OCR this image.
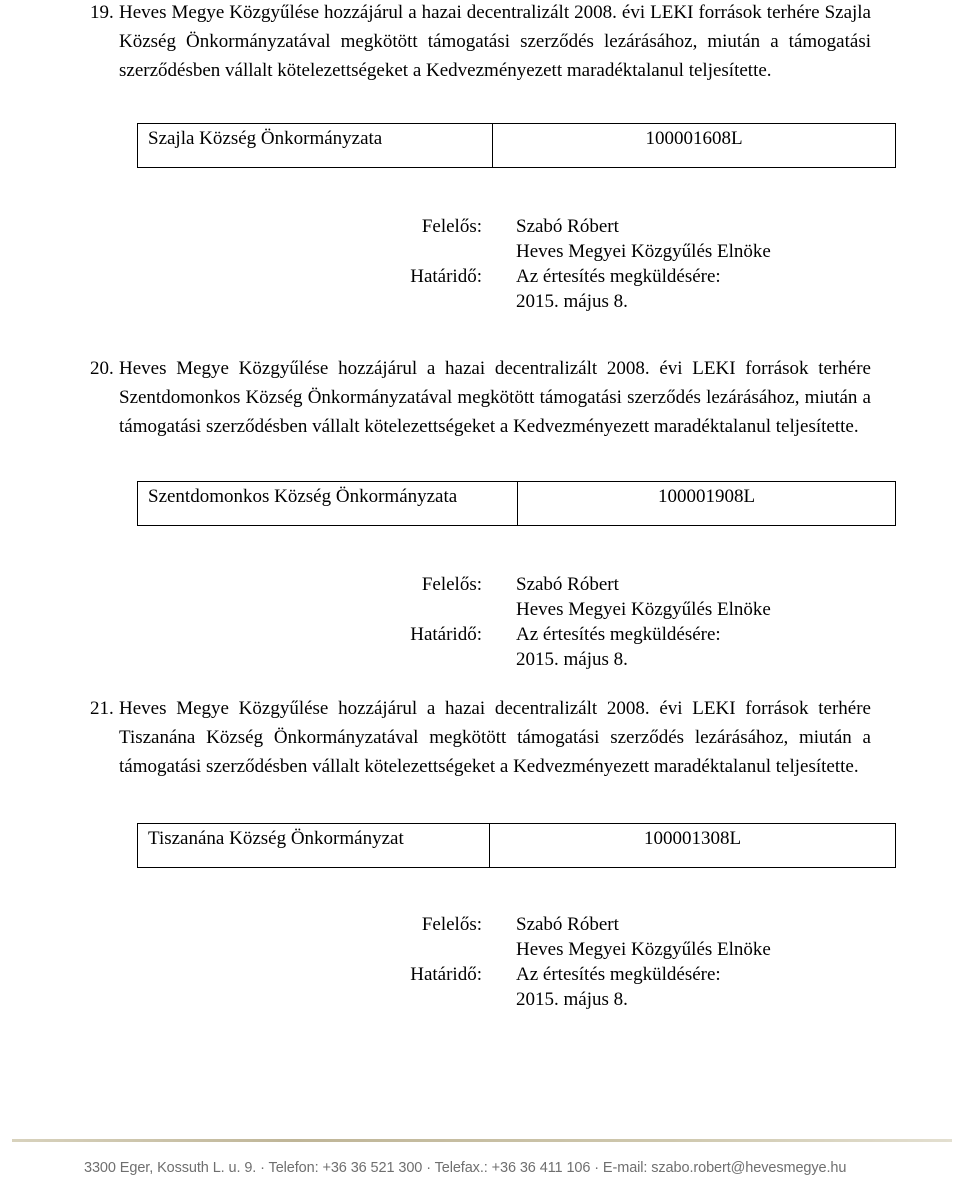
19. Heves Megye Közgyűlése hozzájárul a hazai decentralizált 2008. évi LEKI források terhére Szajla Község Önkormányzatával megkötött támogatási szerződés lezárásához, miután a támogatási szerződésben vállalt kötelezettségeket a Kedvezményezett maradéktalanul teljesítette.
Szajla Község Önkormányzata	100001608L
Felelős: Szabó Róbert
Heves Megyei Közgyűlés Elnöke
Határidő: Az értesítés megküldésére:
2015. május 8.
20. Heves Megye Közgyűlése hozzájárul a hazai decentralizált 2008. évi LEKI források terhére Szentdomonkos Község Önkormányzatával megkötött támogatási szerződés lezárásához, miután a támogatási szerződésben vállalt kötelezettségeket a Kedvezményezett maradéktalanul teljesítette.
Szentdomonkos Község Önkormányzata	100001908L
Felelős: Szabó Róbert
Heves Megyei Közgyűlés Elnöke
Határidő: Az értesítés megküldésére:
2015. május 8.
21. Heves Megye Közgyűlése hozzájárul a hazai decentralizált 2008. évi LEKI források terhére Tiszanána Község Önkormányzatával megkötött támogatási szerződés lezárásához, miután a támogatási szerződésben vállalt kötelezettségeket a Kedvezményezett maradéktalanul teljesítette.
Tiszanána Község Önkormányzat	100001308L
Felelős: Szabó Róbert
Heves Megyei Közgyűlés Elnöke
Határidő: Az értesítés megküldésére:
2015. május 8.
3300 Eger, Kossuth L. u. 9. · Telefon: +36 36 521 300 · Telefax.: +36 36 411 106 · E-mail: szabo.robert@hevesmegye.hu
